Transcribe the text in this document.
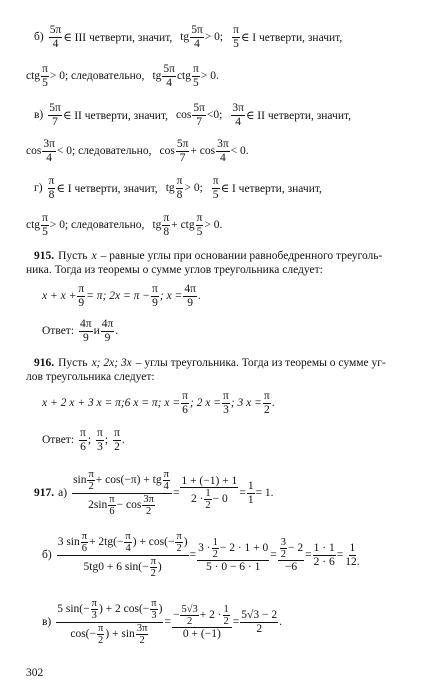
$б) \frac{5\pi}{4}$ ∈ III четверти, значит, tg $\frac{5\pi}{4} > 0$; $\frac{\pi}{5}$ ∈ I четверти, значит,
ctg $\frac{\pi}{5} > 0$; следовательно, tg $\frac{5\pi}{4}$ ctg $\frac{\pi}{5} > 0$.
$в) \frac{5\pi}{7}$ ∈ II четверти, значит, $\cos \frac{5\pi}{7} <0$; $\frac{3\pi}{4}$ ∈ II четверти, значит,
$\cos \frac{3\pi}{4} < 0$; следовательно, $\cos \frac{5\pi}{7} + \cos \frac{3\pi}{4} < 0$.
$г) \frac{\pi}{8}$ ∈ I четверти, значит, tg $\frac{\pi}{8} > 0$; $\frac{\pi}{5}$ ∈ I четверти, значит,
ctg $\frac{\pi}{5} > 0$; следовательно, tg $\frac{\pi}{8}$ + ctg $\frac{\pi}{5} > 0$.
915. Пусть x – равные углы при основании равнобедренного треуголь-
ника. Тогда из теоремы о сумме углов треугольника следует:
$x + x + \frac{\pi}{9} = \pi$; $2x = \pi - \frac{\pi}{9}$ ; $x = \frac{4\pi}{9}$ .
Ответ: $\frac{4\pi}{9}$ и $\frac{4\pi}{9}$ .
916. Пусть x; 2x; 3x – углы треугольника. Тогда из теоремы о сумме уг-
лов треугольника следует:
x + 2 x + 3 x = π;6 x = π; $x = \frac{\pi}{6}$ ; 2 $x = \frac{\pi}{3}$ ; 3 $x = \frac{\pi}{2}$ .
Ответ: $\frac{\pi}{6}$ ; $\frac{\pi}{3}$ ; $\frac{\pi}{2}$ .
917. $а) \frac{\sin \frac{\pi}{2} + \cos(-\pi) + tg \frac{\pi}{4}}{2\sin \frac{\pi}{6} - \cos \frac{3\pi}{2}} = \frac{1 + (-1) + 1}{2 \cdot \frac{1}{2} - 0} = \frac{1}{1} = 1$.
$б) \frac{3 \sin \frac{\pi}{6} + 2tg(- \frac{\pi}{4} ) + \cos(- \frac{\pi}{2} )}{5tg0 + 6 \sin(- \frac{\pi}{2} )} = \frac{3 \cdot \frac{1}{2} - 2 \cdot 1 + 0}{5 \cdot 0 - 6 \cdot 1} = \frac{\frac{3}{2} - 2}{-6} = \frac{1 \cdot 1}{2 \cdot 6} = \frac{1}{12.}$
$в) \frac{5 \sin(- \frac{\pi}{3} ) + 2 \cos(- \frac{\pi}{3} )}{\cos(- \frac{\pi}{2} ) + \sin \frac{3\pi}{2}} = \frac{- \frac{5√3}{2} + 2 \cdot \frac{1}{2}}{0 + (-1)} = \frac{5√3 - 2}{2}$ .
302
